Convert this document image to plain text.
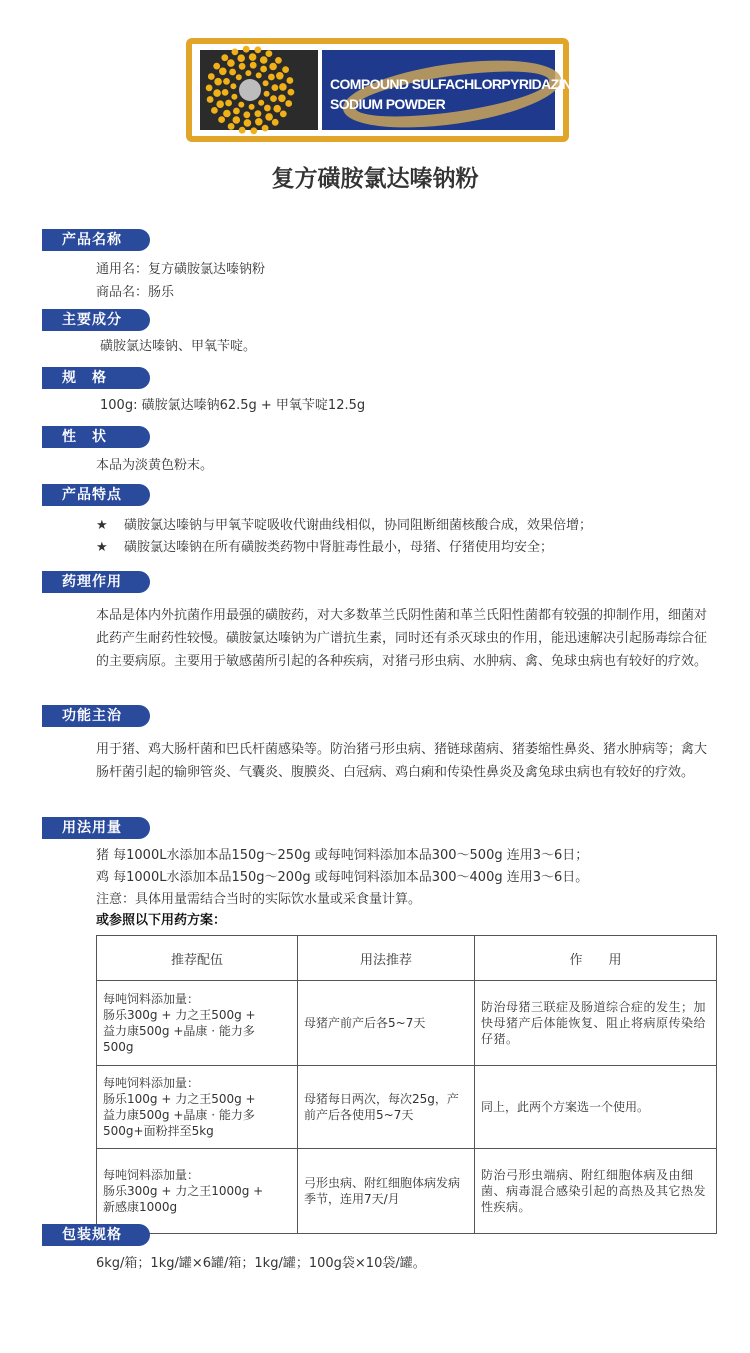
COMPOUND SULFACHLORPYRIDAZINE
SODIUM POWDER
复方磺胺氯达嗪钠粉
产品名称
通用名：复方磺胺氯达嗪钠粉
商品名：肠乐
主要成分
磺胺氯达嗪钠、甲氧苄啶。
规格
100g: 磺胺氯达嗪钠62.5g + 甲氧苄啶12.5g
性状
本品为淡黄色粉末。
产品特点
★ 磺胺氯达嗪钠与甲氧苄啶吸收代谢曲线相似，协同阻断细菌核酸合成，效果倍增；
★ 磺胺氯达嗪钠在所有磺胺类药物中肾脏毒性最小，母猪、仔猪使用均安全；
药理作用
本品是体内外抗菌作用最强的磺胺药，对大多数革兰氏阴性菌和革兰氏阳性菌都有较强的抑制作用，细菌对此药产生耐药性较慢。磺胺氯达嗪钠为广谱抗生素，同时还有杀灭球虫的作用，能迅速解决引起肠毒综合征的主要病原。主要用于敏感菌所引起的各种疾病，对猪弓形虫病、水肿病、禽、兔球虫病也有较好的疗效。
功能主治
用于猪、鸡大肠杆菌和巴氏杆菌感染等。防治猪弓形虫病、猪链球菌病、猪萎缩性鼻炎、猪水肿病等；禽大肠杆菌引起的输卵管炎、气囊炎、腹膜炎、白冠病、鸡白痢和传染性鼻炎及禽兔球虫病也有较好的疗效。
用法用量
猪 每1000L水添加本品150g～250g 或每吨饲料添加本品300～500g 连用3～6日；
鸡 每1000L水添加本品150g～200g 或每吨饲料添加本品300～400g 连用3～6日。
注意：具体用量需结合当时的实际饮水量或采食量计算。
或参照以下用药方案：
推荐配伍	用法推荐	作　　用
每吨饲料添加量：
肠乐300g + 力之王500g +
益力康500g +晶康 · 能力多
500g	母猪产前产后各5~7天	防治母猪三联症及肠道综合症的发生；加快母猪产后体能恢复、阻止将病原传染给仔猪。
每吨饲料添加量：
肠乐100g + 力之王500g +
益力康500g +晶康 · 能力多
500g+面粉拌至5kg	母猪每日两次，每次25g，产前产后各使用5~7天	同上，此两个方案选一个使用。
每吨饲料添加量：
肠乐300g + 力之王1000g +
新感康1000g	弓形虫病、附红细胞体病发病季节，连用7天/月	防治弓形虫端病、附红细胞体病及由细菌、病毒混合感染引起的高热及其它热发性疾病。
包装规格
6kg/箱；1kg/罐×6罐/箱；1kg/罐；100g袋×10袋/罐。
